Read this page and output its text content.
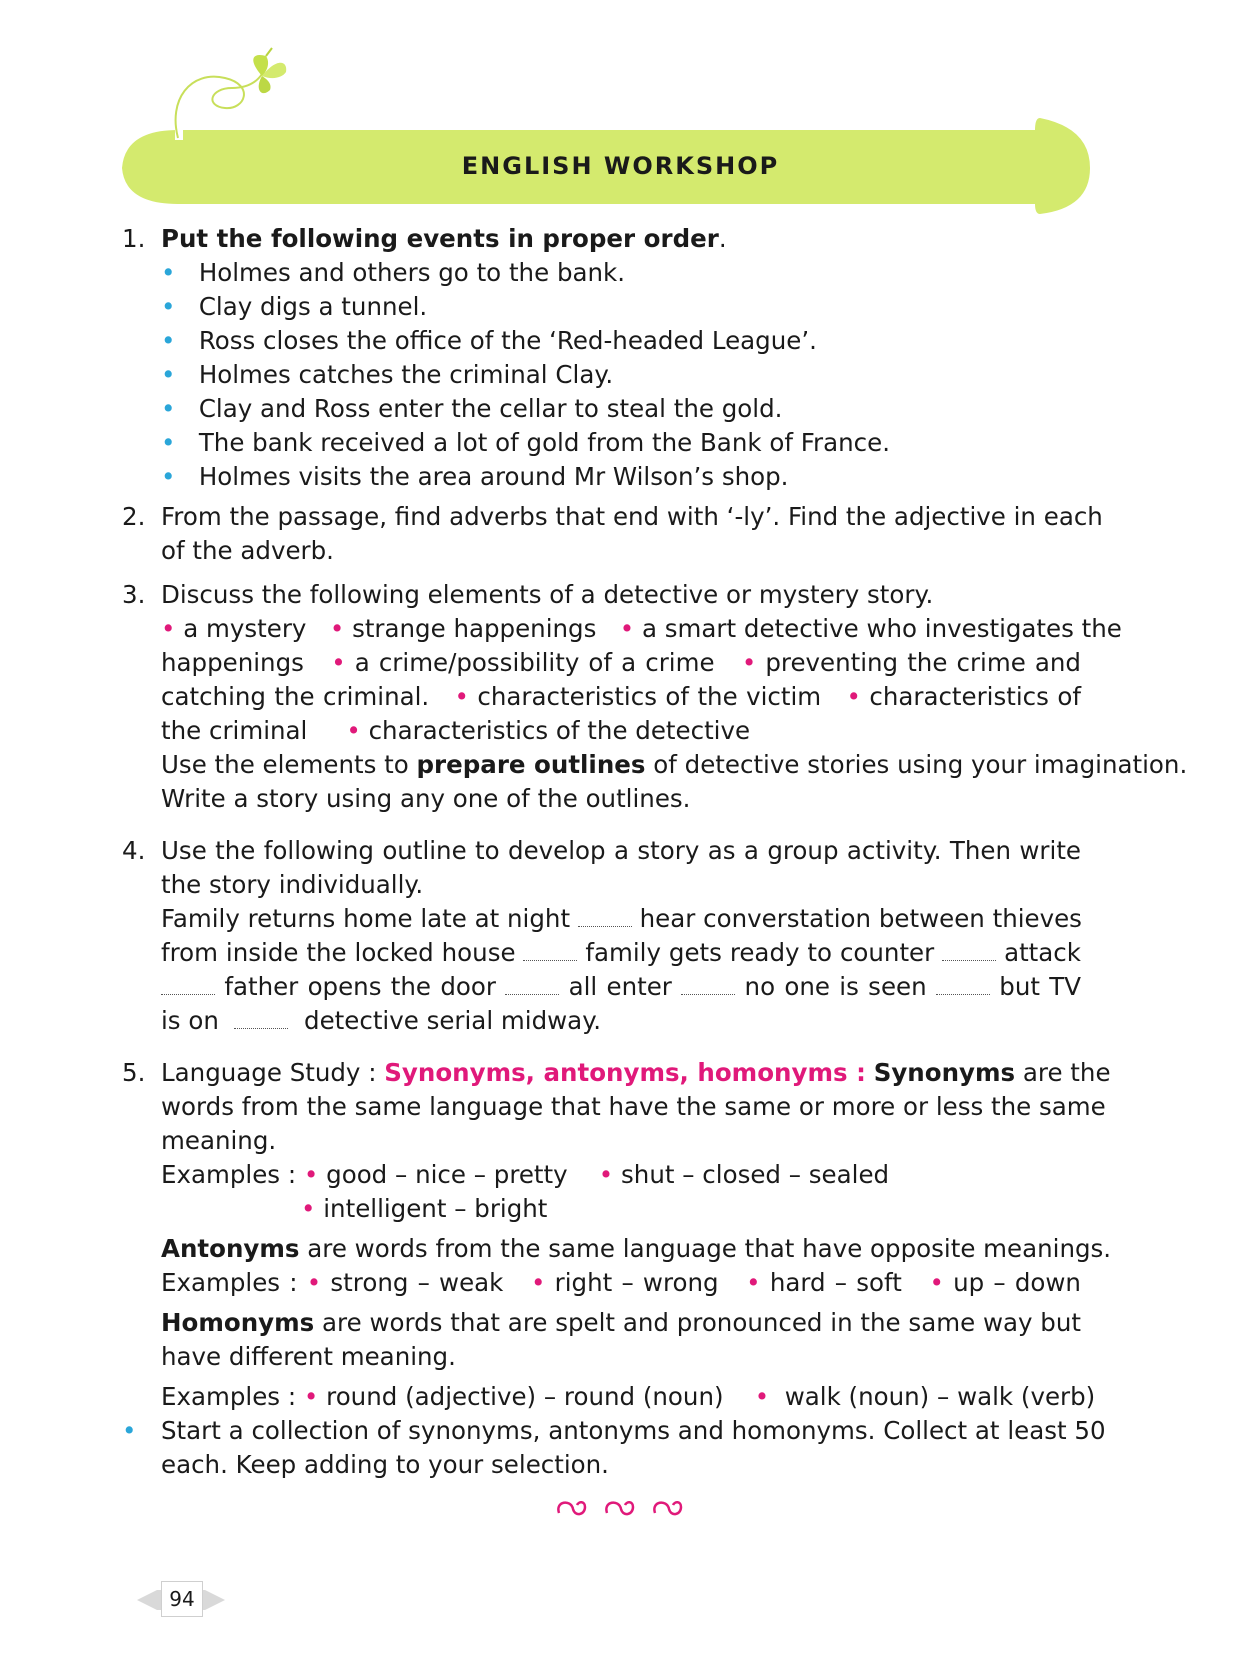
ENGLISH WORKSHOP
1. Put the following events in proper order.
• Holmes and others go to the bank.
• Clay digs a tunnel.
• Ross closes the office of the ‘Red-headed League’.
• Holmes catches the criminal Clay.
• Clay and Ross enter the cellar to steal the gold.
• The bank received a lot of gold from the Bank of France.
• Holmes visits the area around Mr Wilson’s shop.
2. From the passage, find adverbs that end with ‘-ly’. Find the adjective in each
of the adverb.
3. Discuss the following elements of a detective or mystery story.
• a mystery • strange happenings • a smart detective who investigates the
happenings • a crime/possibility of a crime • preventing the crime and
catching the criminal. • characteristics of the victim • characteristics of
the criminal • characteristics of the detective
Use the elements to prepare outlines of detective stories using your imagination.
Write a story using any one of the outlines.
4. Use the following outline to develop a story as a group activity. Then write
the story individually.
Family returns home late at night	hear converstation between thieves
from inside the locked house	family gets ready to counter	attack
father opens the door	all enter	no one is seen	but TV
is on	detective serial midway.
5. Language Study : Synonyms, antonyms, homonyms : Synonyms are the
words from the same language that have the same or more or less the same
meaning.
Examples : • good – nice – pretty • shut – closed – sealed
• intelligent – bright
Antonyms are words from the same language that have opposite meanings.
Examples : • strong – weak • right – wrong • hard – soft • up – down
Homonyms are words that are spelt and pronounced in the same way but
have different meaning.
Examples : • round (adjective) – round (noun) • walk (noun) – walk (verb)
• Start a collection of synonyms, antonyms and homonyms. Collect at least 50
each. Keep adding to your selection.
94
